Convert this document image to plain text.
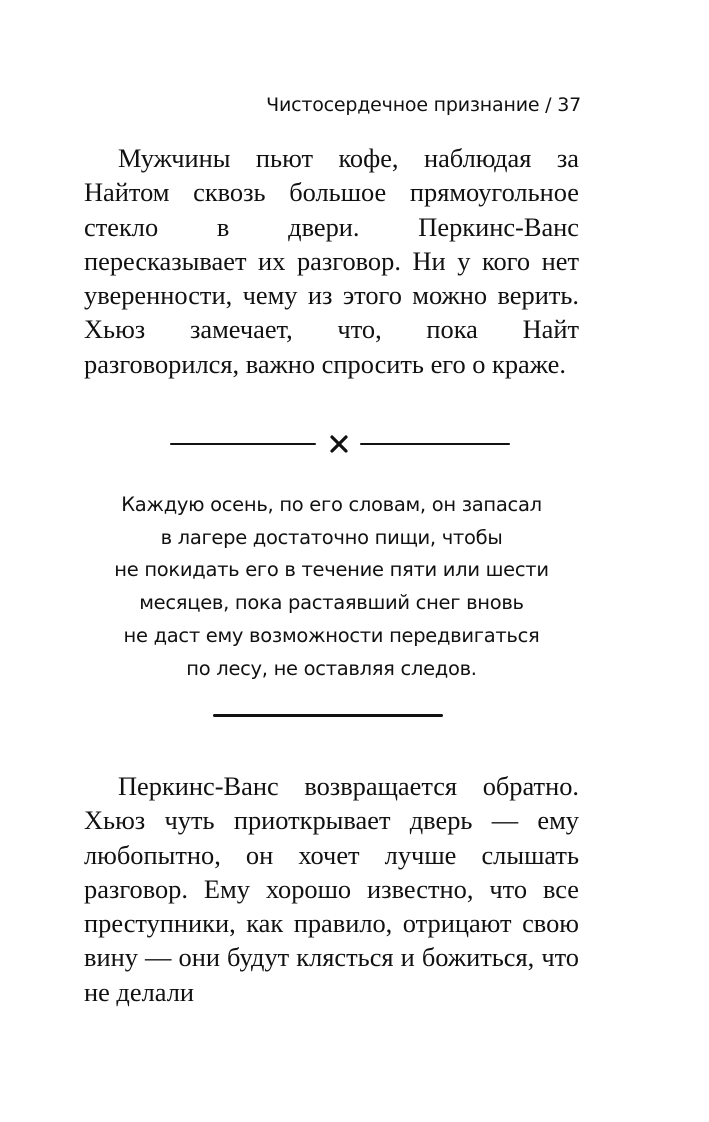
Чистосердечное признание / 37

Мужчины пьют кофе, наблюдая за Найтом сквозь большое прямоугольное стекло в двери. Перкинс-Ванс пересказывает их разговор. Ни у кого нет уверенности, чему из этого можно верить. Хьюз замечает, что, пока Найт разговорился, важно спросить его о краже.

Каждую осень, по его словам, он запасал
в лагере достаточно пищи, чтобы
не покидать его в течение пяти или шести
месяцев, пока растаявший снег вновь
не даст ему возможности передвигаться
по лесу, не оставляя следов.

Перкинс-Ванс возвращается обратно. Хьюз чуть приоткрывает дверь — ему любопытно, он хочет лучше слышать разговор. Ему хорошо известно, что все преступники, как правило, отрицают свою вину — они будут клясться и божиться, что не делали
